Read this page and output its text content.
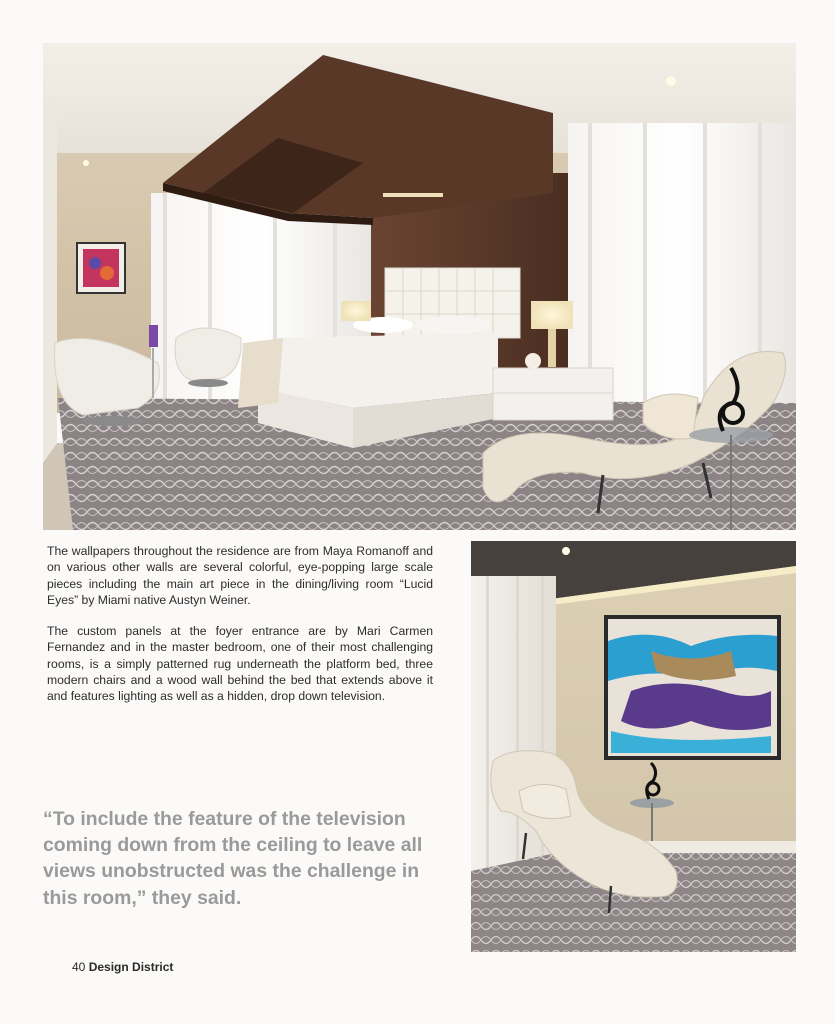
The wallpapers throughout the residence are from Maya Romanoff and on various other walls are several colorful, eye-popping large scale pieces including the main art piece in the dining/living room “Lucid Eyes” by Miami native Austyn Weiner.

The custom panels at the foyer entrance are by Mari Carmen Fernandez and in the master bedroom, one of their most challenging rooms, is a simply patterned rug underneath the platform bed, three modern chairs and a wood wall behind the bed that extends above it and features lighting as well as a hidden, drop down television.

“To include the feature of the television coming down from the ceiling to leave all views unobstructed was the challenge in this room,” they said.

40 Design District
